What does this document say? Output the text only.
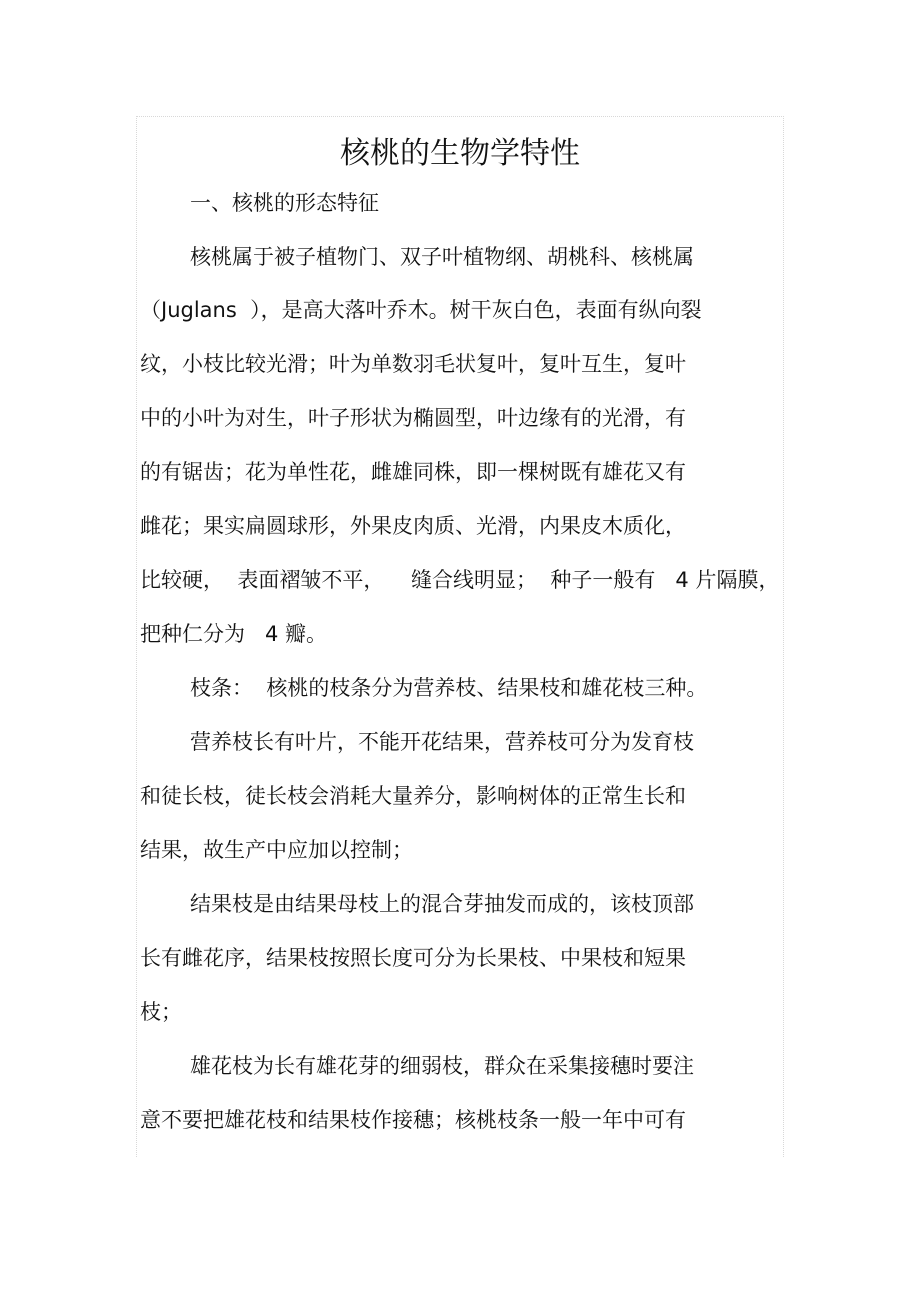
核桃的生物学特性
一、核桃的形态特征
核桃属于被子植物门、双子叶植物纲、胡桃科、核桃属
（Juglans  ），是高大落叶乔木。树干灰白色，表面有纵向裂
纹，小枝比较光滑；叶为单数羽毛状复叶，复叶互生，复叶
中的小叶为对生，叶子形状为椭圆型，叶边缘有的光滑，有
的有锯齿；花为单性花，雌雄同株，即一棵树既有雄花又有
雌花；果实扁圆球形，外果皮肉质、光滑，内果皮木质化，
比较硬，  表面褶皱不平，    缝合线明显；  种子一般有   4 片隔膜，
把种仁分为   4 瓣。
枝条：  核桃的枝条分为营养枝、结果枝和雄花枝三种。
营养枝长有叶片，不能开花结果，营养枝可分为发育枝
和徒长枝，徒长枝会消耗大量养分，影响树体的正常生长和
结果，故生产中应加以控制；
结果枝是由结果母枝上的混合芽抽发而成的，该枝顶部
长有雌花序，结果枝按照长度可分为长果枝、中果枝和短果
枝；
雄花枝为长有雄花芽的细弱枝，群众在采集接穗时要注
意不要把雄花枝和结果枝作接穗；核桃枝条一般一年中可有
